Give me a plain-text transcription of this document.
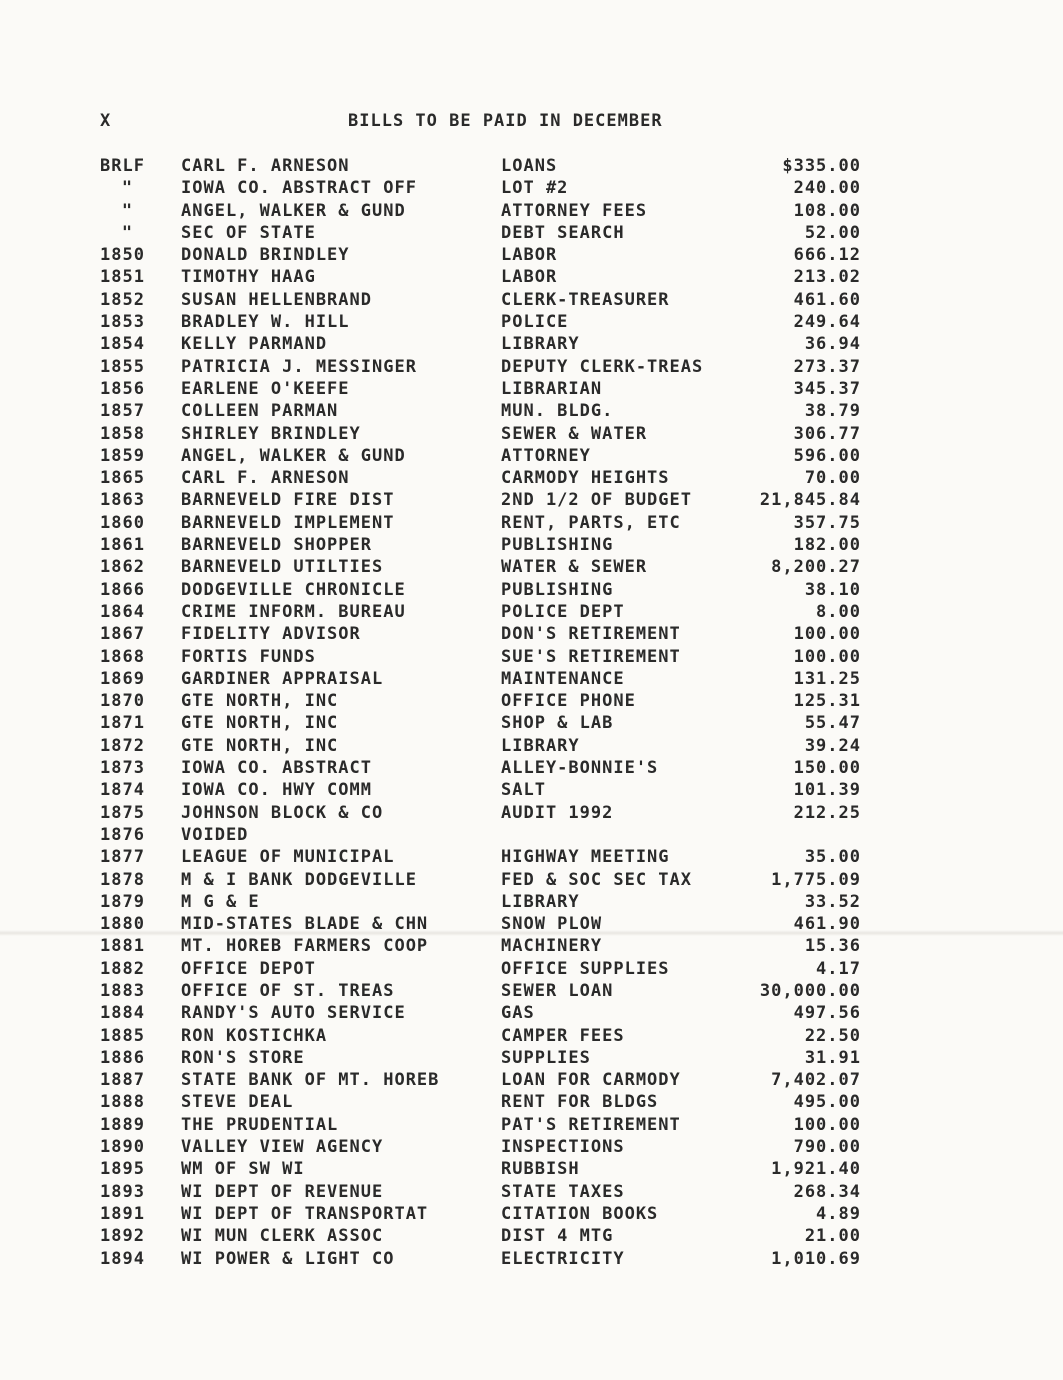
X	BILLS TO BE PAID IN DECEMBER
BRLF	CARL F. ARNESON	LOANS	$335.00
"	IOWA CO. ABSTRACT OFF	LOT #2	240.00
"	ANGEL, WALKER & GUND	ATTORNEY FEES	108.00
"	SEC OF STATE	DEBT SEARCH	52.00
1850	DONALD BRINDLEY	LABOR	666.12
1851	TIMOTHY HAAG	LABOR	213.02
1852	SUSAN HELLENBRAND	CLERK-TREASURER	461.60
1853	BRADLEY W. HILL	POLICE	249.64
1854	KELLY PARMAND	LIBRARY	36.94
1855	PATRICIA J. MESSINGER	DEPUTY CLERK-TREAS	273.37
1856	EARLENE O'KEEFE	LIBRARIAN	345.37
1857	COLLEEN PARMAN	MUN. BLDG.	38.79
1858	SHIRLEY BRINDLEY	SEWER & WATER	306.77
1859	ANGEL, WALKER & GUND	ATTORNEY	596.00
1865	CARL F. ARNESON	CARMODY HEIGHTS	70.00
1863	BARNEVELD FIRE DIST	2ND 1/2 OF BUDGET	21,845.84
1860	BARNEVELD IMPLEMENT	RENT, PARTS, ETC	357.75
1861	BARNEVELD SHOPPER	PUBLISHING	182.00
1862	BARNEVELD UTILTIES	WATER & SEWER	8,200.27
1866	DODGEVILLE CHRONICLE	PUBLISHING	38.10
1864	CRIME INFORM. BUREAU	POLICE DEPT	8.00
1867	FIDELITY ADVISOR	DON'S RETIREMENT	100.00
1868	FORTIS FUNDS	SUE'S RETIREMENT	100.00
1869	GARDINER APPRAISAL	MAINTENANCE	131.25
1870	GTE NORTH, INC	OFFICE PHONE	125.31
1871	GTE NORTH, INC	SHOP & LAB	55.47
1872	GTE NORTH, INC	LIBRARY	39.24
1873	IOWA CO. ABSTRACT	ALLEY-BONNIE'S	150.00
1874	IOWA CO. HWY COMM	SALT	101.39
1875	JOHNSON BLOCK & CO	AUDIT 1992	212.25
1876	VOIDED
1877	LEAGUE OF MUNICIPAL	HIGHWAY MEETING	35.00
1878	M & I BANK DODGEVILLE	FED & SOC SEC TAX	1,775.09
1879	M G & E	LIBRARY	33.52
1880	MID-STATES BLADE & CHN	SNOW PLOW	461.90
1881	MT. HOREB FARMERS COOP	MACHINERY	15.36
1882	OFFICE DEPOT	OFFICE SUPPLIES	4.17
1883	OFFICE OF ST. TREAS	SEWER LOAN	30,000.00
1884	RANDY'S AUTO SERVICE	GAS	497.56
1885	RON KOSTICHKA	CAMPER FEES	22.50
1886	RON'S STORE	SUPPLIES	31.91
1887	STATE BANK OF MT. HOREB	LOAN FOR CARMODY	7,402.07
1888	STEVE DEAL	RENT FOR BLDGS	495.00
1889	THE PRUDENTIAL	PAT'S RETIREMENT	100.00
1890	VALLEY VIEW AGENCY	INSPECTIONS	790.00
1895	WM OF SW WI	RUBBISH	1,921.40
1893	WI DEPT OF REVENUE	STATE TAXES	268.34
1891	WI DEPT OF TRANSPORTAT	CITATION BOOKS	4.89
1892	WI MUN CLERK ASSOC	DIST 4 MTG	21.00
1894	WI POWER & LIGHT CO	ELECTRICITY	1,010.69
